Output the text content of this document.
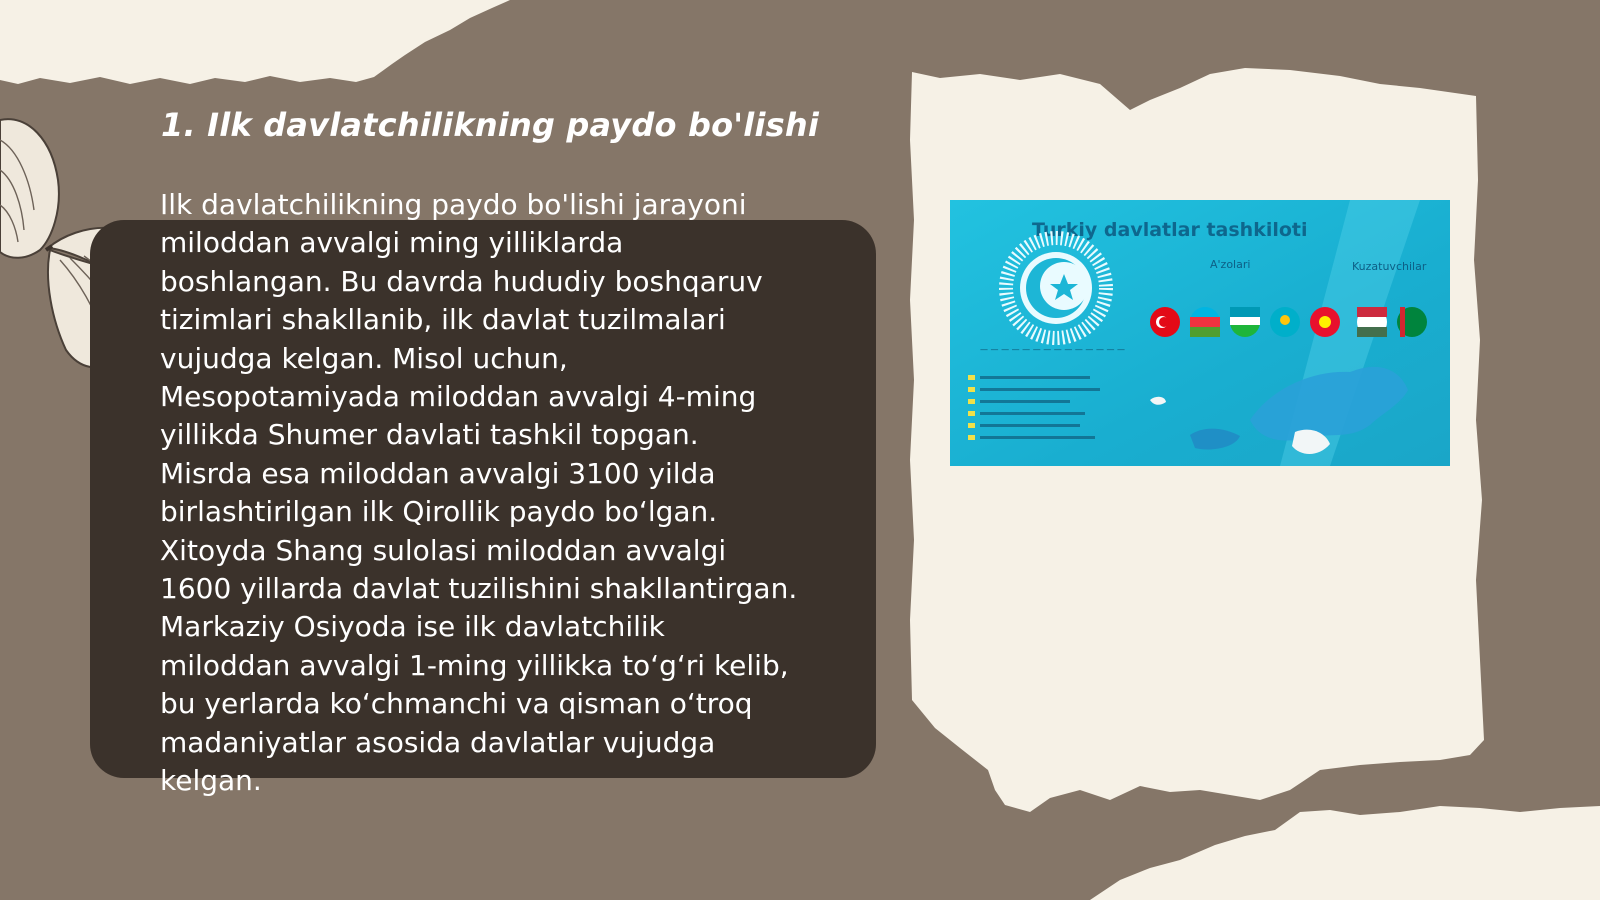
1. Ilk davlatchilikning paydo bo'lishi

Ilk davlatchilikning paydo bo'lishi jarayoni
miloddan avvalgi ming yilliklarda
boshlangan. Bu davrda hududiy boshqaruv
tizimlari shakllanib, ilk davlat tuzilmalari
vujudga kelgan. Misol uchun,
Mesopotamiyada miloddan avvalgi 4-ming
yillikda Shumer davlati tashkil topgan.
Misrda esa miloddan avvalgi 3100 yilda
birlashtirilgan ilk Qirollik paydo bo‘lgan.
Xitoyda Shang sulolasi miloddan avvalgi
1600 yillarda davlat tuzilishini shakllantirgan.
Markaziy Osiyoda ise ilk davlatchilik
miloddan avvalgi 1-ming yillikka to‘g‘ri kelib,
bu yerlarda ko‘chmanchi va qisman o‘troq
madaniyatlar asosida davlatlar vujudga
kelgan.

Turkiy davlatlar tashkiloti
— — — — — — — — — — — — — —
A'zolari	Kuzatuvchilar
